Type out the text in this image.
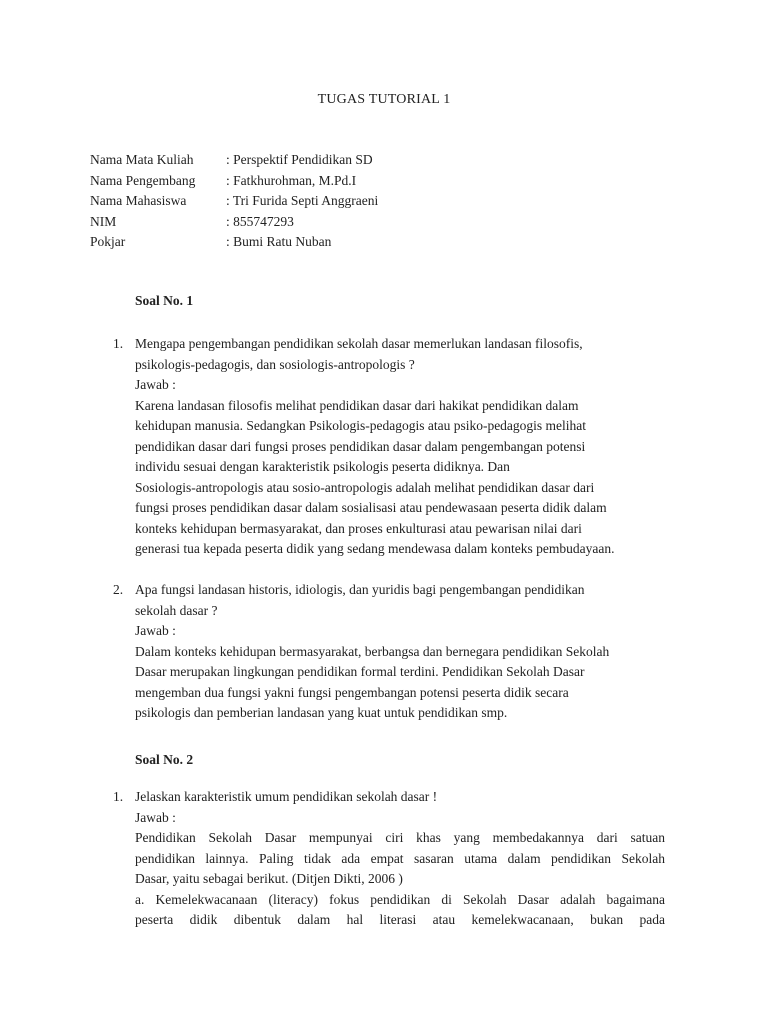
TUGAS TUTORIAL 1
Nama Mata Kuliah	: Perspektif Pendidikan SD
Nama Pengembang	: Fatkhurohman, M.Pd.I
Nama Mahasiswa	: Tri Furida Septi Anggraeni
NIM	: 855747293
Pokjar	: Bumi Ratu Nuban
Soal No. 1
1. Mengapa pengembangan pendidikan sekolah dasar memerlukan landasan filosofis,
psikologis-pedagogis, dan sosiologis-antropologis ?
Jawab :
Karena landasan filosofis melihat pendidikan dasar dari hakikat pendidikan dalam
kehidupan manusia. Sedangkan Psikologis-pedagogis atau psiko-pedagogis melihat
pendidikan dasar dari fungsi proses pendidikan dasar dalam pengembangan potensi
individu sesuai dengan karakteristik psikologis peserta didiknya. Dan
Sosiologis-antropologis atau sosio-antropologis adalah melihat pendidikan dasar dari
fungsi proses pendidikan dasar dalam sosialisasi atau pendewasaan peserta didik dalam
konteks kehidupan bermasyarakat, dan proses enkulturasi atau pewarisan nilai dari
generasi tua kepada peserta didik yang sedang mendewasa dalam konteks pembudayaan.
2. Apa fungsi landasan historis, idiologis, dan yuridis bagi pengembangan pendidikan
sekolah dasar ?
Jawab :
Dalam konteks kehidupan bermasyarakat, berbangsa dan bernegara pendidikan Sekolah
Dasar merupakan lingkungan pendidikan formal terdini. Pendidikan Sekolah Dasar
mengemban dua fungsi yakni fungsi pengembangan potensi peserta didik secara
psikologis dan pemberian landasan yang kuat untuk pendidikan smp.
Soal No. 2
1. Jelaskan karakteristik umum pendidikan sekolah dasar !
Jawab :
Pendidikan Sekolah Dasar mempunyai ciri khas yang membedakannya dari satuan
pendidikan lainnya. Paling tidak ada empat sasaran utama dalam pendidikan Sekolah
Dasar, yaitu sebagai berikut. (Ditjen Dikti, 2006 )
a. Kemelekwacanaan (literacy) fokus pendidikan di Sekolah Dasar adalah bagaimana
peserta didik dibentuk dalam hal literasi atau kemelekwacanaan, bukan pada
